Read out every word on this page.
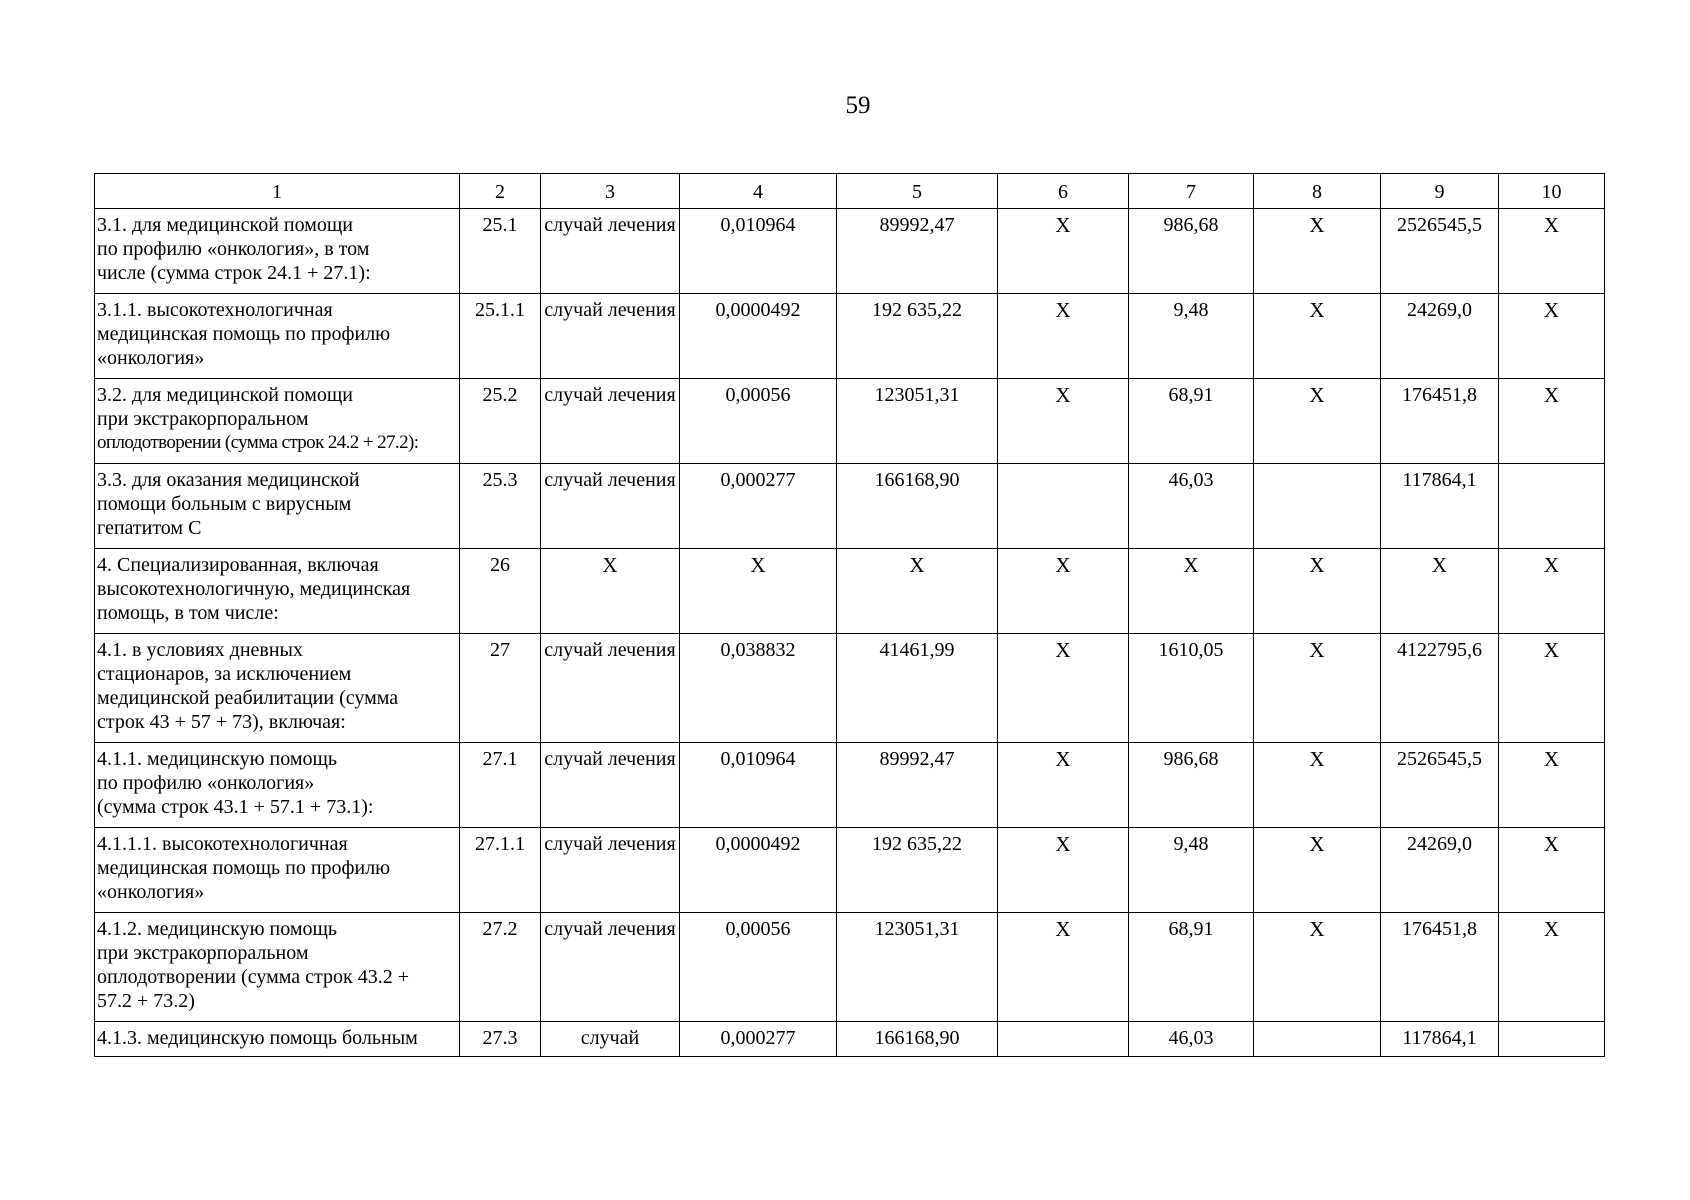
59
1	2	3	4	5	6	7	8	9	10

3.1. для медицинской помощи
по профилю «онкология», в том
числе (сумма строк 24.1 + 27.1):	25.1	случай лечения	0,010964	89992,47	Х	986,68	Х	2526545,5	Х

3.1.1. высокотехнологичная
медицинская помощь по профилю
«онкология»	25.1.1	случай лечения	0,0000492	192 635,22	Х	9,48	Х	24269,0	Х

3.2. для медицинской помощи
при экстракорпоральном
оплодотворении (сумма строк 24.2 + 27.2):	25.2	случай лечения	0,00056	123051,31	Х	68,91	Х	176451,8	Х

3.3. для оказания медицинской
помощи больным с вирусным
гепатитом С	25.3	случай лечения	0,000277	166168,90		46,03		117864,1	

4. Специализированная, включая
высокотехнологичную, медицинская
помощь, в том числе:	26	Х	Х	Х	Х	Х	Х	Х	Х

4.1. в условиях дневных
стационаров, за исключением
медицинской реабилитации (сумма
строк 43 + 57 + 73), включая:	27	случай лечения	0,038832	41461,99	Х	1610,05	Х	4122795,6	Х

4.1.1. медицинскую помощь
по профилю «онкология»
(сумма строк 43.1 + 57.1 + 73.1):	27.1	случай лечения	0,010964	89992,47	Х	986,68	Х	2526545,5	Х

4.1.1.1. высокотехнологичная
медицинская помощь по профилю
«онкология»	27.1.1	случай лечения	0,0000492	192 635,22	Х	9,48	Х	24269,0	Х

4.1.2. медицинскую помощь
при экстракорпоральном
оплодотворении (сумма строк 43.2 +
57.2 + 73.2)	27.2	случай лечения	0,00056	123051,31	Х	68,91	Х	176451,8	Х

4.1.3. медицинскую помощь больным	27.3	случай	0,000277	166168,90		46,03		117864,1	
